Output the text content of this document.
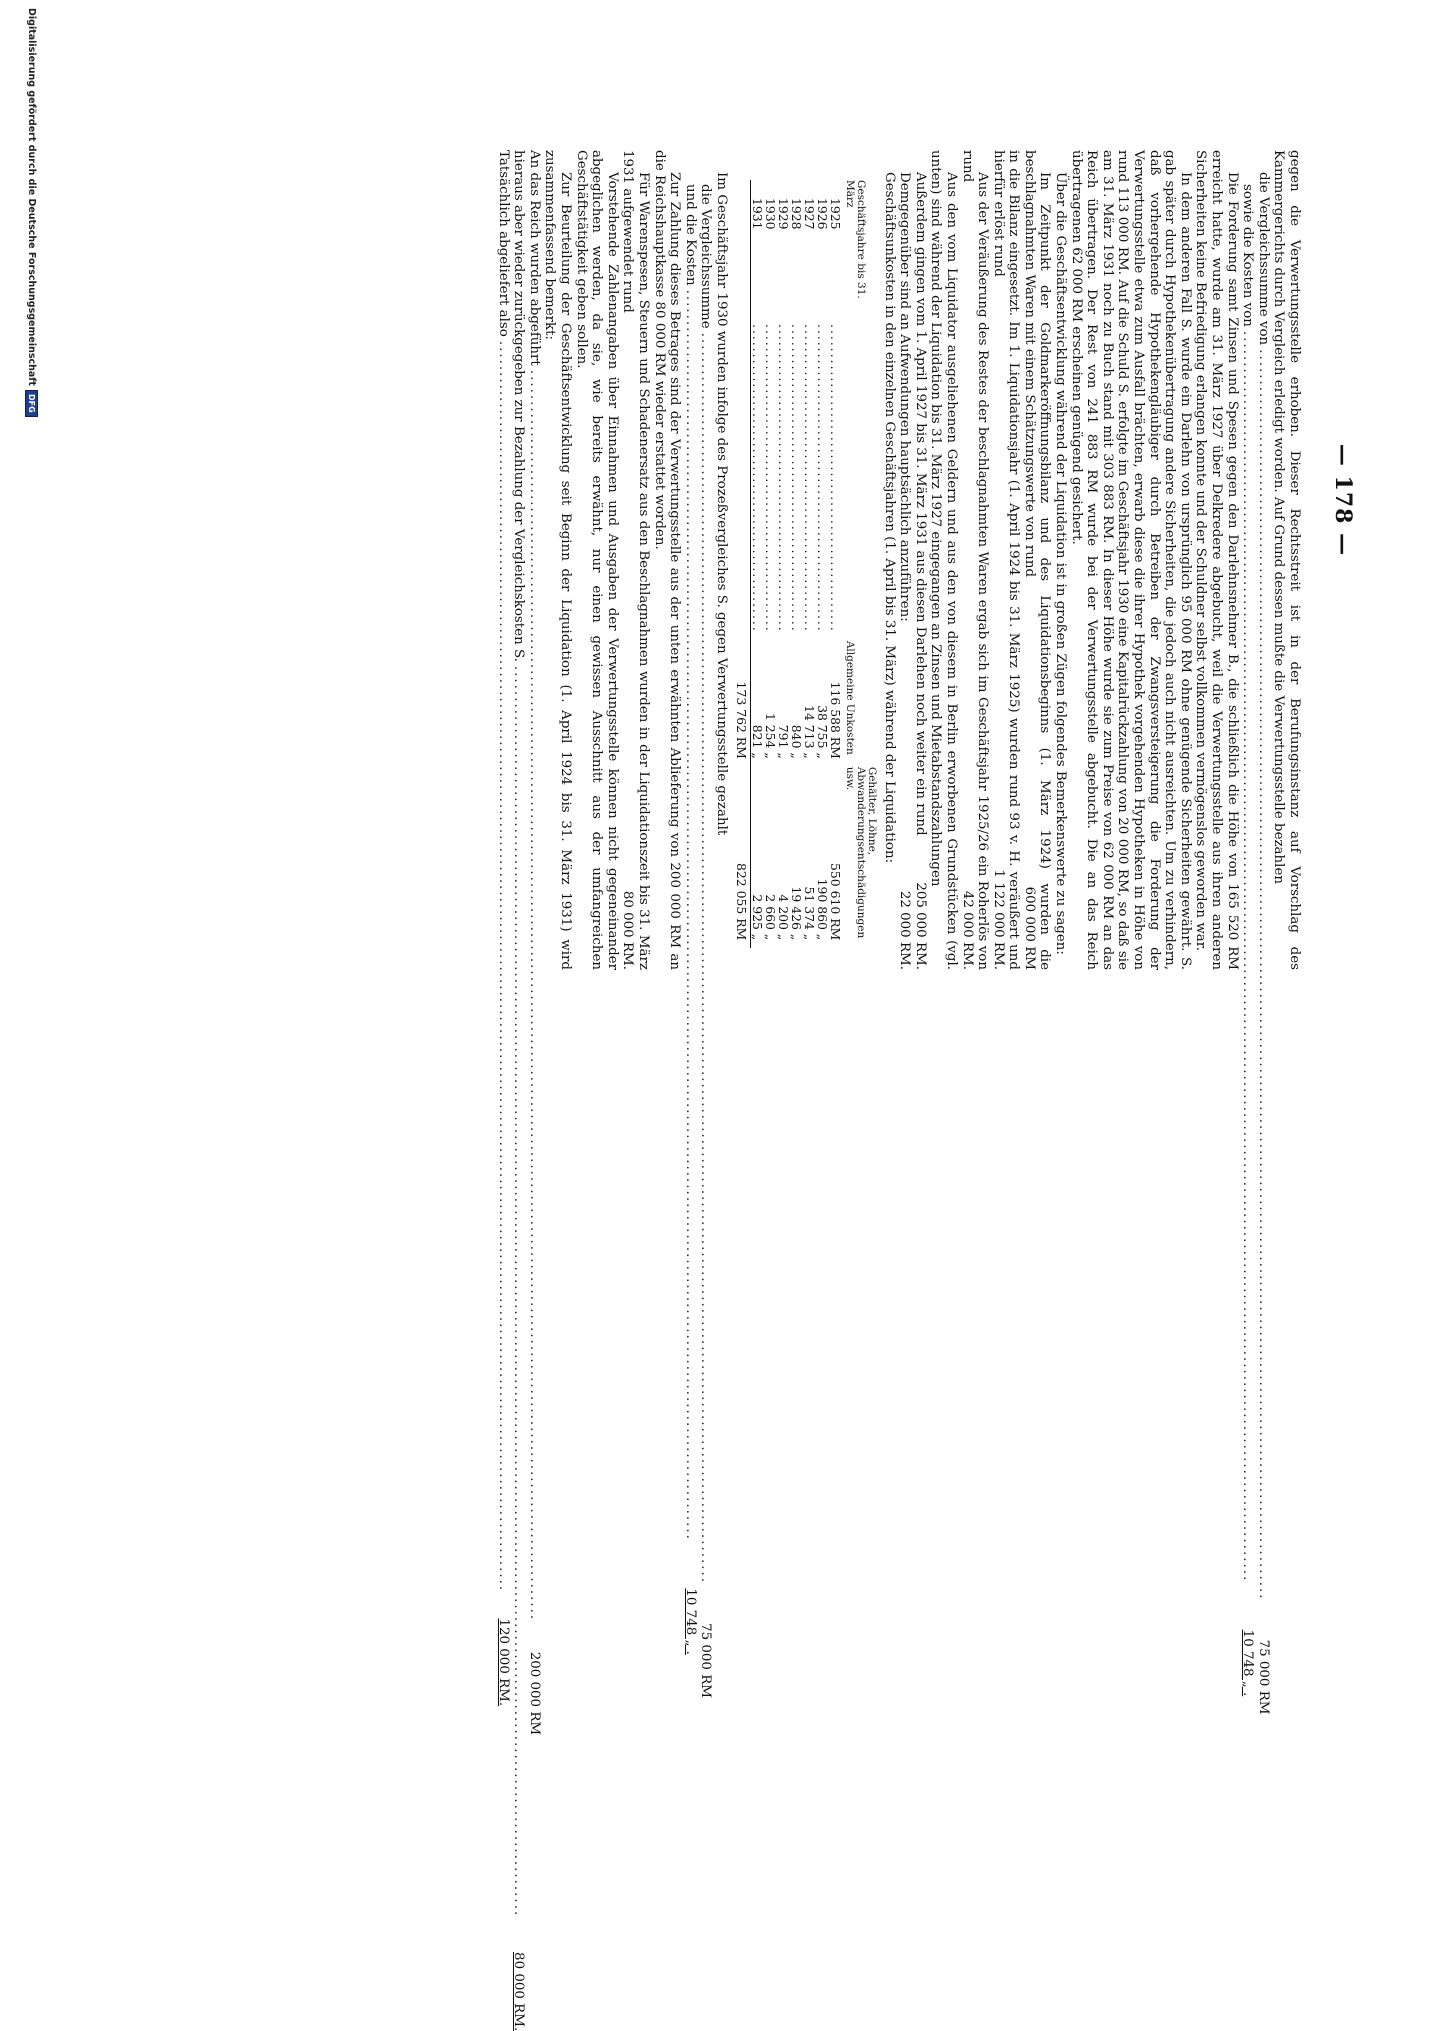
— 178 —

gegen die Verwertungsstelle erhoben. Dieser Rechtsstreit ist in der Berufungsinstanz auf Vorschlag des Kammergerichts durch Vergleich erledigt worden. Auf Grund dessen mußte die Verwertungsstelle bezahlen

die Vergleichssumme von
.....
75 000 RM
sowie die Kosten von
.....
10 748 „ .

Die Forderung samt Zinsen und Spesen gegen den Darlehnsnehmer B., die schließlich die Höhe von 165 520 RM erreicht hatte, wurde am 31. März 1927 über Delkredere abgebucht, weil die Verwertungsstelle aus ihren anderen Sicherheiten keine Befriedigung erlangen konnte und der Schuldner selbst vollkommen vermögenslos geworden war.

In dem anderen Fall S. wurde ein Darlehn von ursprünglich 95 000 RM ohne genügende Sicherheiten gewährt. S. gab später durch Hypothekenübertragung andere Sicherheiten, die jedoch auch nicht ausreichten. Um zu verhindern, daß vorhergehende Hypothekengläubiger durch Betreiben der Zwangsversteigerung die Forderung der Verwertungsstelle etwa zum Ausfall brächten, erwarb diese die ihrer Hypothek vorgehenden Hypotheken in Höhe von rund 113 000 RM. Auf die Schuld S. erfolgte im Geschäftsjahr 1930 eine Kapitalrückzahlung von 20 000 RM, so daß sie am 31. März 1931 noch zu Buch stand mit 303 883 RM. In dieser Höhe wurde sie zum Preise von 62 000 RM an das Reich übertragen. Der Rest von 241 883 RM wurde bei der Verwertungsstelle abgebucht. Die an das Reich übertragenen 62 000 RM erscheinen genügend gesichert.

Über die Geschäftsentwicklung während der Liquidation ist in großen Zügen folgendes Bemerkenswerte zu sagen:

Im Zeitpunkt der Goldmarkeröffnungsbilanz und des Liquidationsbeginns (1. März 1924) wurden die beschlagnahmten Waren mit einem Schätzungswerte von rund
600 000 RM

in die Bilanz eingesetzt. Im 1. Liquidationsjahr (1. April 1924 bis 31. März 1925) wurden rund 93 v. H. veräußert und hierfür erlöst rund
1 122 000 RM.

Aus der Veräußerung des Restes der beschlagnahmten Waren ergab sich im Geschäftsjahr 1925/26 ein Roherlös von rund
42 000 RM.

Aus den vom Liquidator ausgeliehenen Geldern und aus den von diesem in Berlin erworbenen Grundstücken (vgl. unten) sind während der Liquidation bis 31. März 1927 eingegangen an Zinsen und Mietabstandszahlungen
205 000 RM.

Außerdem gingen vom 1. April 1927 bis 31. März 1931 aus diesen Darlehen noch weiter ein rund
22 000 RM.

Demgegenüber sind an Aufwendungen hauptsächlich anzuführen:

Geschäftsunkosten in den einzelnen Geschäftsjahren (1. April bis 31. März) während der Liquidation:

Geschäftsjahre bis 31. März		Allgemeine Unkosten	Gehälter, Löhne, Abwanderungsentschädigungen usw.
1925	....................................................	116 588 RM	550 610 RM
1926	....................................................	38 755 „	190 860 „
1927	....................................................	14 713 „	51 374 „
1928	....................................................	840 „	19 426 „
1929	....................................................	791 „	4 200 „
1930	....................................................	1 254 „	2 660 „
1931	....................................................	821 „	2 925 „
		173 762 RM	822 055 RM

Im Geschäftsjahr 1930 wurden infolge des Prozeßvergleiches S. gegen Verwertungsstelle gezahlt

die Vergleichssumme
.....
75 000 RM
und die Kosten
.....
10 748 „ .

Zur Zahlung dieses Betrages sind der Verwertungsstelle aus der unten erwähnten Ablieferung von 200 000 RM an die Reichshauptkasse 80 000 RM wieder erstattet worden.

Für Warenspesen, Steuern und Schadenersatz aus den Beschlagnahmen wurden in der Liquidationszeit bis 31. März 1931 aufgewendet rund
80 000 RM.

Vorstehende Zahlenangaben über Einnahmen und Ausgaben der Verwertungsstelle können nicht gegeneinander abgeglichen werden, da sie, wie bereits erwähnt, nur einen gewissen Ausschnitt aus der umfangreichen Geschäftstätigkeit geben sollen.

Zur Beurteilung der Geschäftsentwicklung seit Beginn der Liquidation (1. April 1924 bis 31. März 1931) wird zusammenfassend bemerkt:

An das Reich wurden abgeführt
.....
200 000 RM
hieraus aber wieder zurückgegeben zur Bezahlung der Vergleichskosten S.
.....
80 000 RM.
Tatsächlich abgeliefert also
.....
120 000 RM.
Digitalisierung gefördert durch die Deutsche Forschungsgemeinschaft
DFG
